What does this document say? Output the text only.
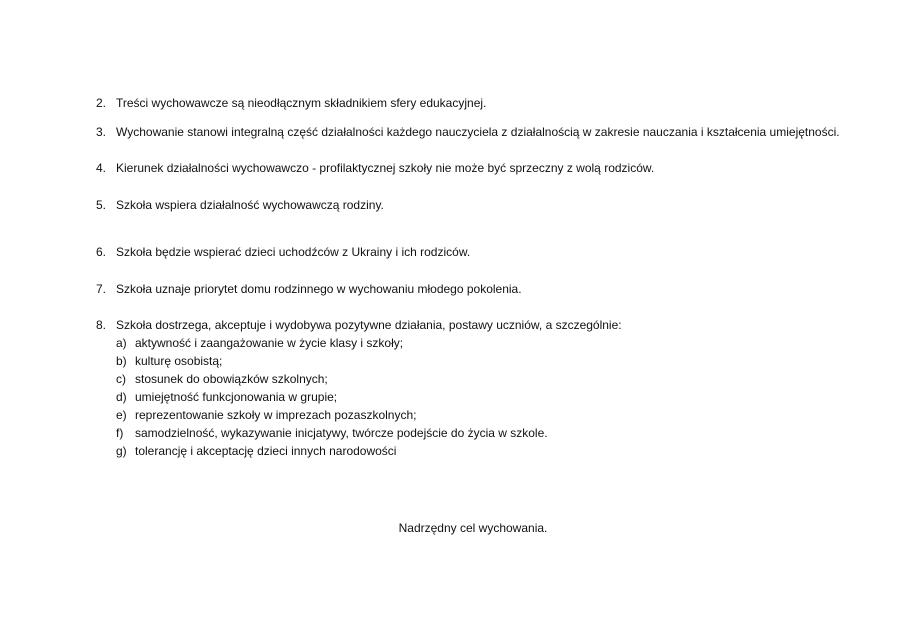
2. Treści wychowawcze są nieodłącznym składnikiem sfery edukacyjnej.
3. Wychowanie stanowi integralną część działalności każdego nauczyciela z działalnością w zakresie nauczania i kształcenia umiejętności.
4. Kierunek działalności wychowawczo - profilaktycznej szkoły nie może być sprzeczny z wolą rodziców.
5. Szkoła wspiera działalność wychowawczą rodziny.
6. Szkoła będzie wspierać dzieci uchodźców z Ukrainy i ich rodziców.
7. Szkoła uznaje priorytet domu rodzinnego w wychowaniu młodego pokolenia.
8. Szkoła dostrzega, akceptuje i wydobywa pozytywne działania, postawy uczniów, a szczególnie:
a) aktywność i zaangażowanie w życie klasy i szkoły;
b) kulturę osobistą;
c) stosunek do obowiązków szkolnych;
d) umiejętność funkcjonowania w grupie;
e) reprezentowanie szkoły w imprezach pozaszkolnych;
f) samodzielność, wykazywanie inicjatywy, twórcze podejście do życia w szkole.
g) tolerancję i akceptację dzieci innych narodowości
Nadrzędny cel wychowania.
